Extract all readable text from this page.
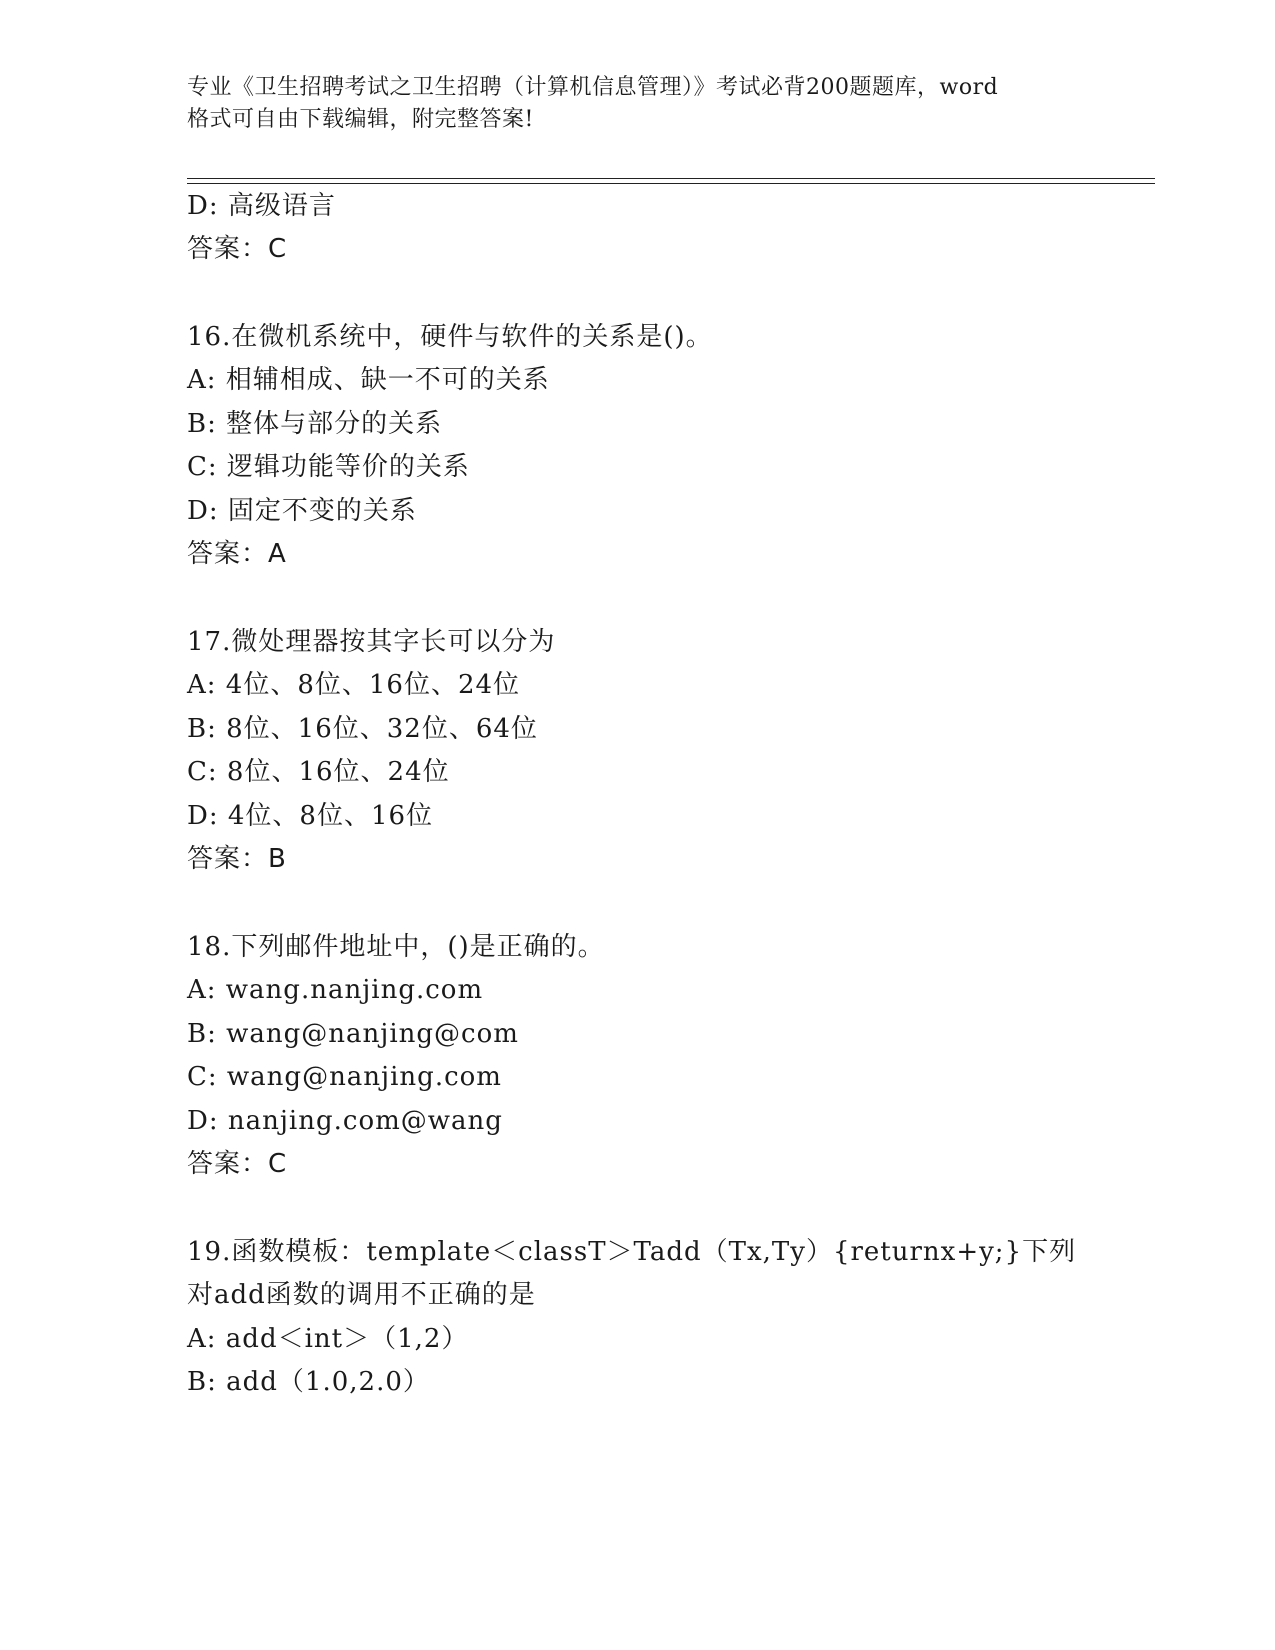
专业《卫生招聘考试之卫生招聘（计算机信息管理）》考试必背200题题库，word
格式可自由下载编辑，附完整答案!
D: 高级语言
答案：C
16.在微机系统中，硬件与软件的关系是()。
A: 相辅相成、缺一不可的关系
B: 整体与部分的关系
C: 逻辑功能等价的关系
D: 固定不变的关系
答案：A
17.微处理器按其字长可以分为
A: 4位、8位、16位、24位
B: 8位、16位、32位、64位
C: 8位、16位、24位
D: 4位、8位、16位
答案：B
18.下列邮件地址中，()是正确的。
A: wang.nanjing.com
B: wang@nanjing@com
C: wang@nanjing.com
D: nanjing.com@wang
答案：C
19.函数模板：template＜classT＞Tadd（Tx,Ty）{returnx+y;}下列
对add函数的调用不正确的是
A: add＜int＞（1,2）
B: add（1.0,2.0）
